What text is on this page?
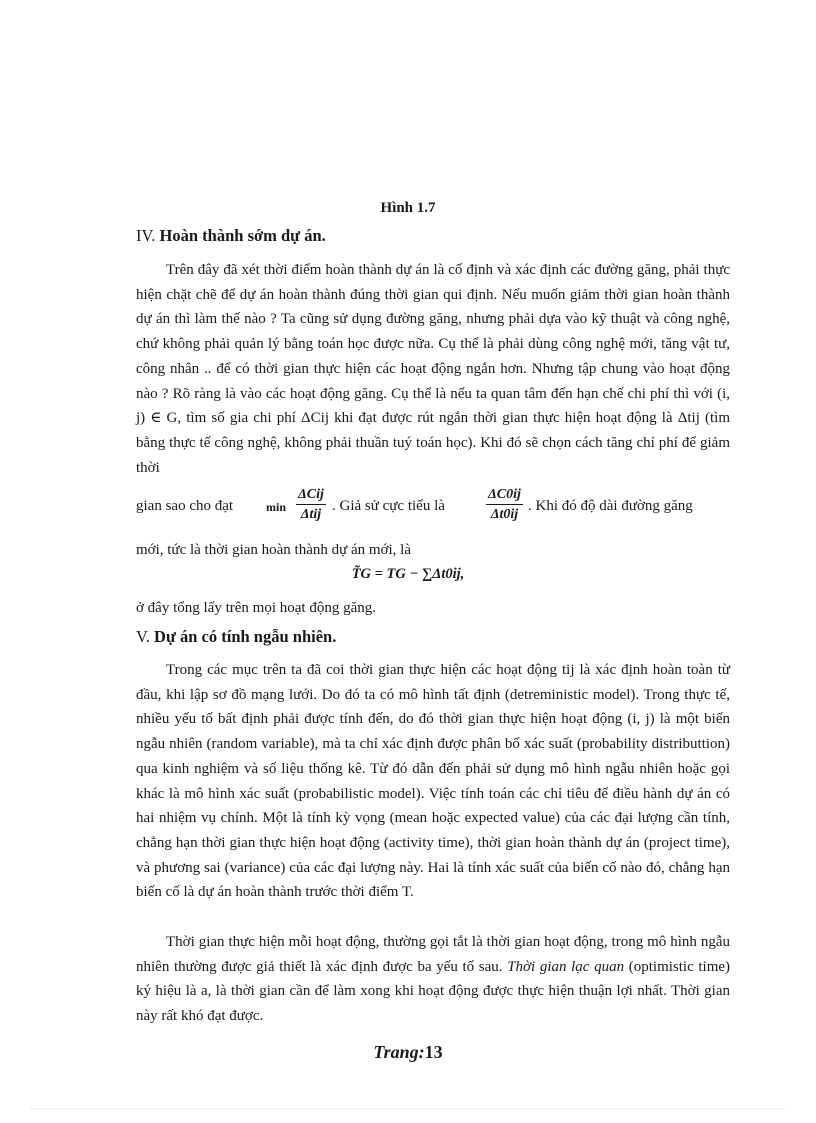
Hình 1.7
IV. Hoàn thành sớm dự án.
Trên đây đã xét thời điểm hoàn thành dự án là cố định và xác định các đường găng, phải thực hiện chặt chẽ để dự án hoàn thành đúng thời gian qui định. Nếu muốn giảm thời gian hoàn thành dự án thì làm thế nào ? Ta cũng sử dụng đường găng, nhưng phải dựa vào kỹ thuật và công nghệ, chứ không phải quản lý bằng toán học được nữa. Cụ thể là phải dùng công nghệ mới, tăng vật tư, công nhân .. để có thời gian thực hiện các hoạt động ngắn hơn. Nhưng tập chung vào hoạt động nào ? Rõ ràng là vào các hoạt động găng. Cụ thể là nếu ta quan tâm đến hạn chế chi phí thì với (i, j) ∈ G, tìm số gia chi phí ΔCij khi đạt được rút ngắn thời gian thực hiện hoạt động là Δtij (tìm bằng thực tế công nghệ, không phải thuần tuý toán học). Khi đó sẽ chọn cách tăng chí phí để giảm thời
gian sao cho đạt	min
ΔCij
Δtij
. Giả sử cực tiểu là	$\frac{\Delta C0ij}{\Delta t0ij}$ . Khi đó độ dài đường găng
mới, tức là thời gian hoàn thành dự án mới, là
T̃G = TG − ∑Δt0ij,
ở đây tổng lấy trên mọi hoạt động găng.
V. Dự án có tính ngẫu nhiên.
Trong các mục trên ta đã coi thời gian thực hiện các hoạt động tij là xác định hoàn toàn từ đầu, khi lập sơ đồ mạng lưới. Do đó ta có mô hình tất định (detreministic model). Trong thực tế, nhiều yếu tố bất định phải được tính đến, do đó thời gian thực hiện hoạt động (i, j) là một biến ngẫu nhiên (random variable), mà ta chỉ xác định được phân bố xác suất (probability distributtion) qua kinh nghiệm và số liệu thống kê. Từ đó dẫn đến phải sử dụng mô hình ngẫu nhiên hoặc gọi khác là mô hình xác suất (probabilistic model). Việc tính toán các chỉ tiêu để điều hành dự án có hai nhiệm vụ chính. Một là tính kỳ vọng (mean hoặc expected value) của các đại lượng cần tính, chẳng hạn thời gian thực hiện hoạt động (activity time), thời gian hoàn thành dự án (project time), và phương sai (variance) của các đại lượng này. Hai là tính xác suất của biến cố nào đó, chẳng hạn biến cố là dự án hoàn thành trước thời điểm T.
Thời gian thực hiện mỗi hoạt động, thường gọi tắt là thời gian hoạt động, trong mô hình ngẫu nhiên thường được giả thiết là xác định được ba yếu tố sau. Thời gian lạc quan (optimistic time) ký hiệu là a, là thời gian cần để làm xong khi hoạt động được thực hiện thuận lợi nhất. Thời gian này rất khó đạt được.
Trang:13
